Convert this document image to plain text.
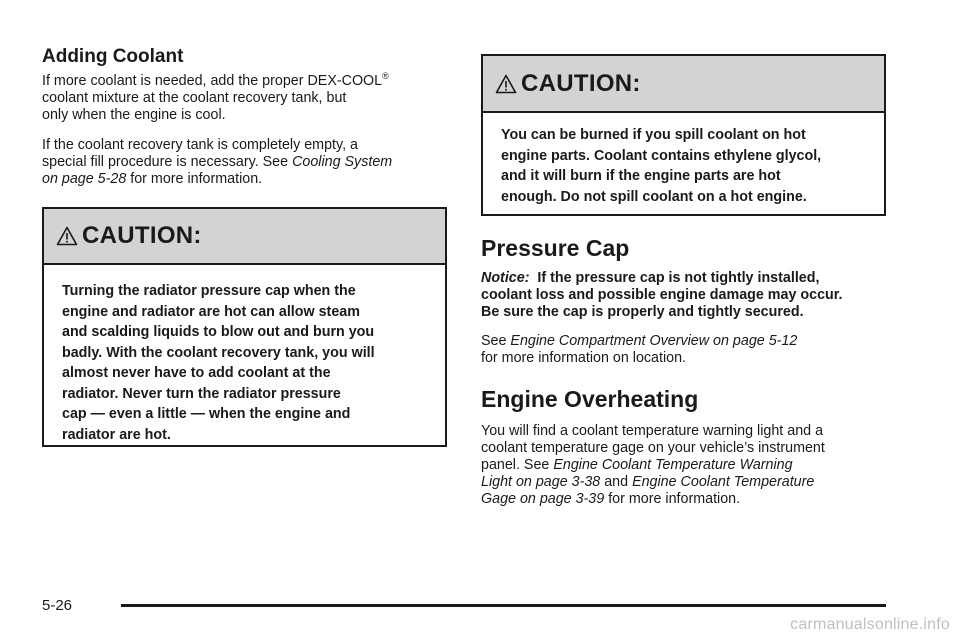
Adding Coolant

If more coolant is needed, add the proper DEX-COOL®
coolant mixture at the coolant recovery tank, but
only when the engine is cool.

If the coolant recovery tank is completely empty, a
special fill procedure is necessary. See Cooling System
on page 5-28 for more information.

CAUTION:
Turning the radiator pressure cap when the
engine and radiator are hot can allow steam
and scalding liquids to blow out and burn you
badly. With the coolant recovery tank, you will
almost never have to add coolant at the
radiator. Never turn the radiator pressure
cap — even a little — when the engine and
radiator are hot.
CAUTION:
You can be burned if you spill coolant on hot
engine parts. Coolant contains ethylene glycol,
and it will burn if the engine parts are hot
enough. Do not spill coolant on a hot engine.
Pressure Cap

Notice: If the pressure cap is not tightly installed,
coolant loss and possible engine damage may occur.
Be sure the cap is properly and tightly secured.

See Engine Compartment Overview on page 5-12
for more information on location.

Engine Overheating

You will find a coolant temperature warning light and a
coolant temperature gage on your vehicle’s instrument
panel. See Engine Coolant Temperature Warning
Light on page 3-38 and Engine Coolant Temperature
Gage on page 3-39 for more information.

5-26
carmanualsonline.info
